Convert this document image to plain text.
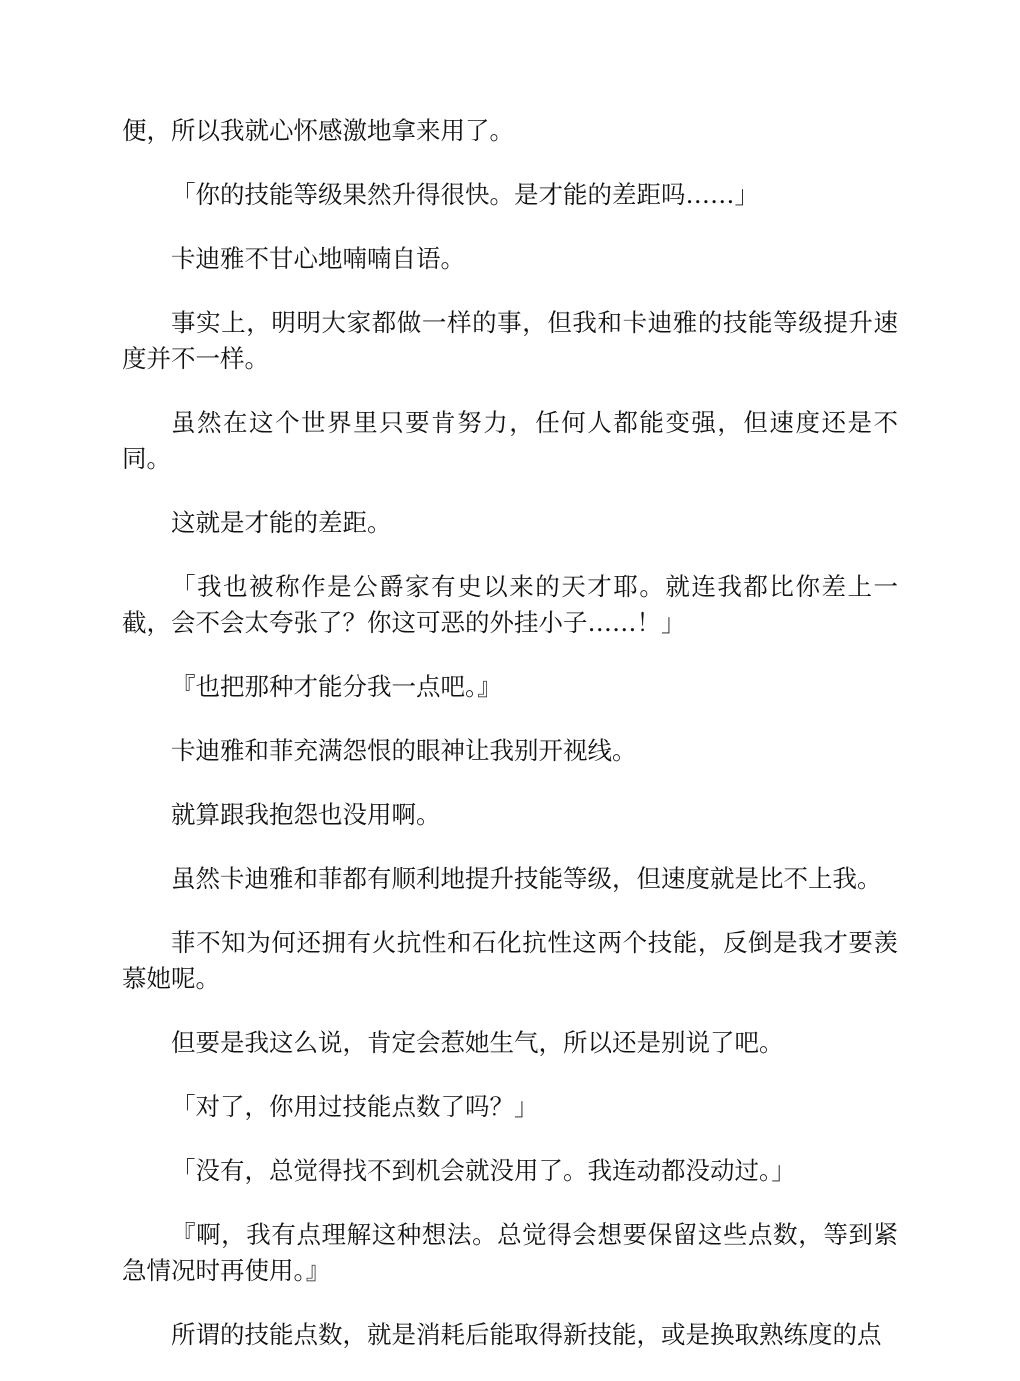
便，所以我就心怀感激地拿来用了。

「你的技能等级果然升得很快。是才能的差距吗……」

卡迪雅不甘心地喃喃自语。

事实上，明明大家都做一样的事，但我和卡迪雅的技能等级提升速度并不一样。

虽然在这个世界里只要肯努力，任何人都能变强，但速度还是不同。

这就是才能的差距。

「我也被称作是公爵家有史以来的天才耶。就连我都比你差上一截，会不会太夸张了？你这可恶的外挂小子……！」

『也把那种才能分我一点吧。』

卡迪雅和菲充满怨恨的眼神让我别开视线。

就算跟我抱怨也没用啊。

虽然卡迪雅和菲都有顺利地提升技能等级，但速度就是比不上我。

菲不知为何还拥有火抗性和石化抗性这两个技能，反倒是我才要羡慕她呢。

但要是我这么说，肯定会惹她生气，所以还是别说了吧。

「对了，你用过技能点数了吗？」

「没有，总觉得找不到机会就没用了。我连动都没动过。」

『啊，我有点理解这种想法。总觉得会想要保留这些点数，等到紧急情况时再使用。』

所谓的技能点数，就是消耗后能取得新技能，或是换取熟练度的点
